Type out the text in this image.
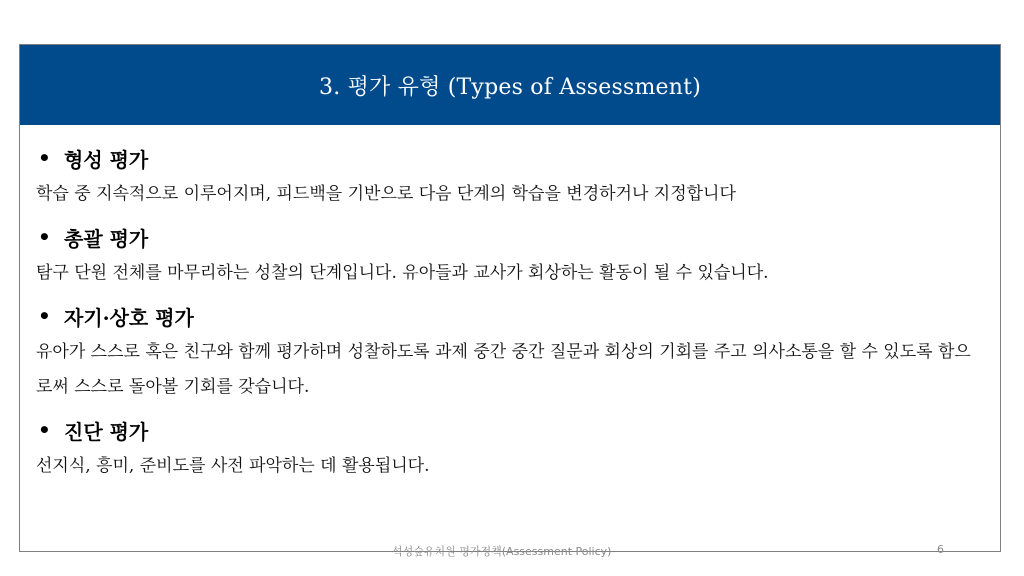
3. 평가 유형 (Types of Assessment)
• 형성 평가

학습 중 지속적으로 이루어지며, 피드백을 기반으로 다음 단계의 학습을 변경하거나 지정합니다

• 총괄 평가

탐구 단원 전체를 마무리하는 성찰의 단계입니다. 유아들과 교사가 회상하는 활동이 될 수 있습니다.

• 자기·상호 평가

유아가 스스로 혹은 친구와 함께 평가하며 성찰하도록 과제 중간 중간 질문과 회상의 기회를 주고 의사소통을 할 수 있도록 함으로써 스스로 돌아볼 기회를 갖습니다.

• 진단 평가

선지식, 흥미, 준비도를 사전 파악하는 데 활용됩니다.

석성숲유치원 평가정책(Assessment Policy)	6
